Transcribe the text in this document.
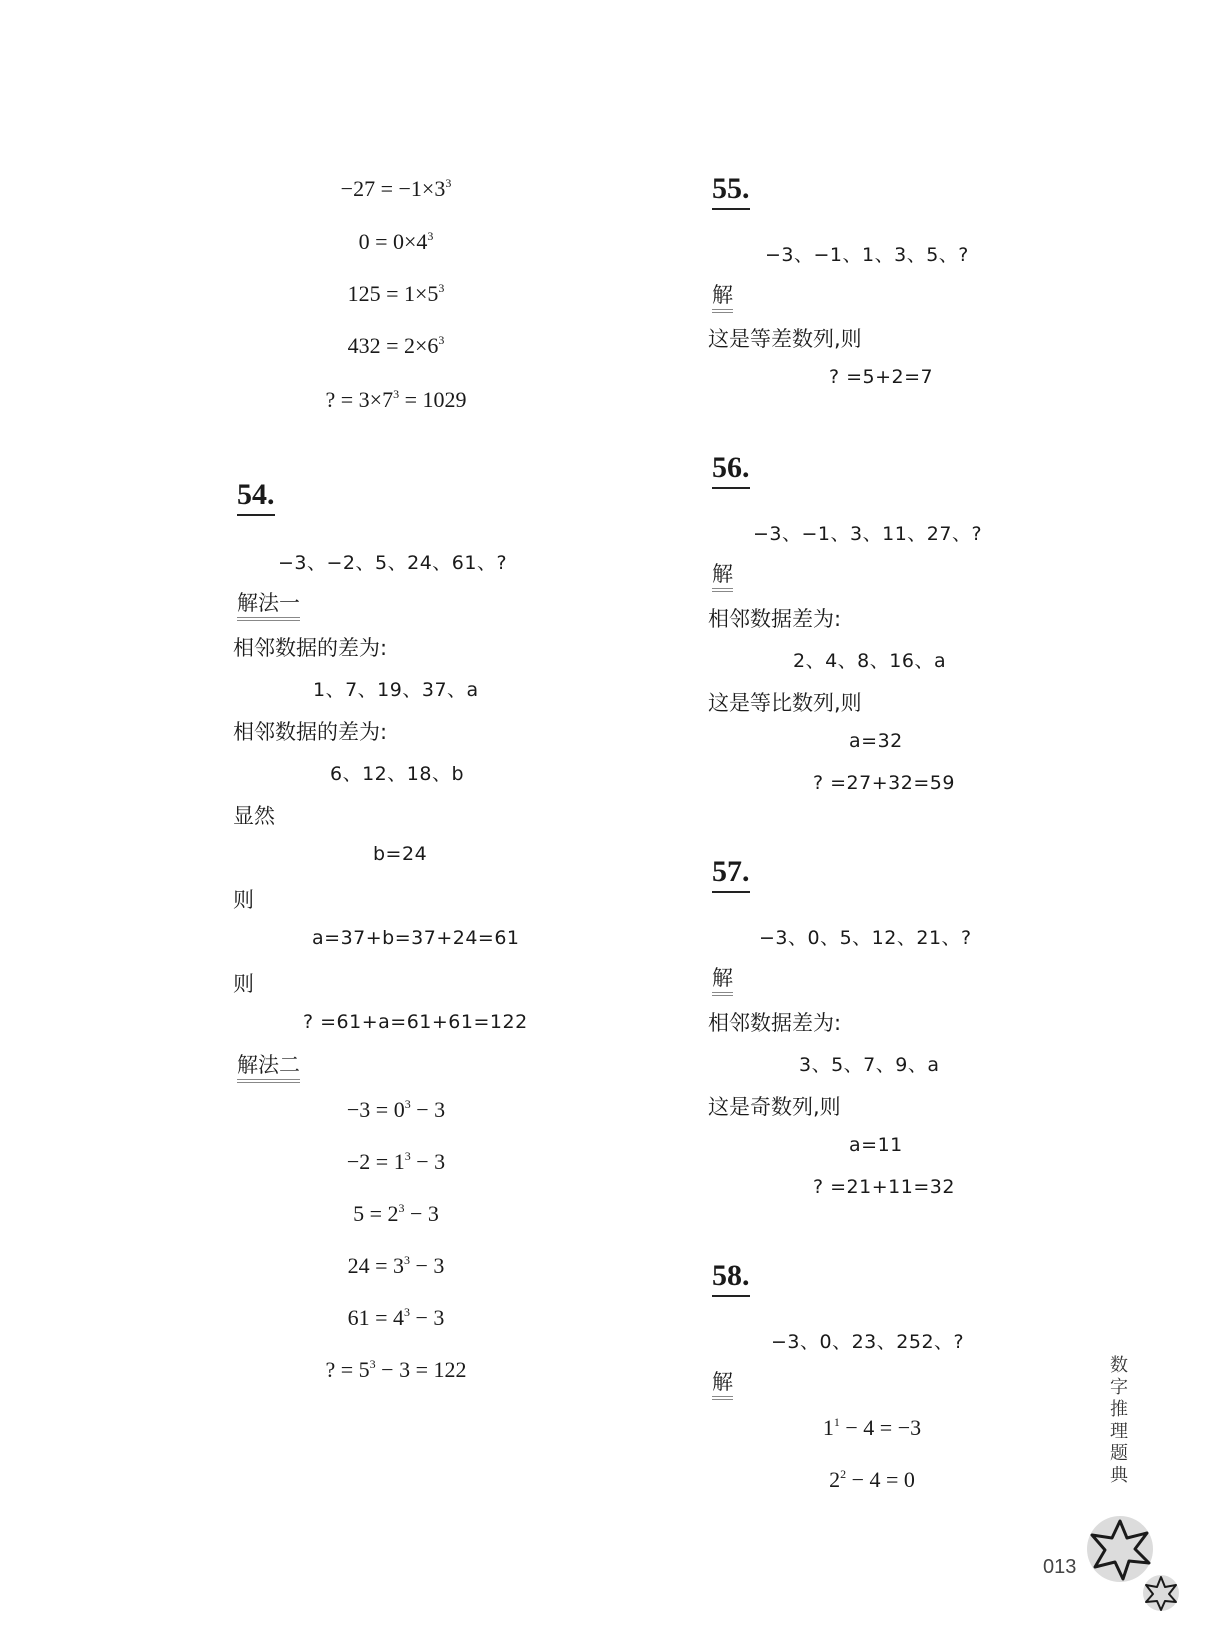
$-27 = -1\times 3^3$
$0 = 0\times 4^3$
$125 = 1\times 5^3$
$432 = 2\times 6^3$
? = $3\times 7^3 = 1029$
54.
−3、−2、5、24、61、?
解法一
相邻数据的差为:
1、7、19、37、a
相邻数据的差为:
6、12、18、b
显然
b=24
则
a=37+b=37+24=61
则
? =61+a=61+61=122
解法二
$-3 = 0^3 - 3$
$-2 = 1^3 - 3$
$5 = 2^3 - 3$
$24 = 3^3 - 3$
$61 = 4^3 - 3$
? = $5^3 - 3 = 122$
55.
−3、−1、1、3、5、?
解
这是等差数列,则
? =5+2=7
56.
−3、−1、3、11、27、?
解
相邻数据差为:
2、4、8、16、a
这是等比数列,则
a=32
? =27+32=59
57.
−3、0、5、12、21、?
解
相邻数据差为:
3、5、7、9、a
这是奇数列,则
a=11
? =21+11=32
58.
−3、0、23、252、?
解
$1^1 - 4 = -3$
$2^2 - 4 = 0$
数字推理题典
013
